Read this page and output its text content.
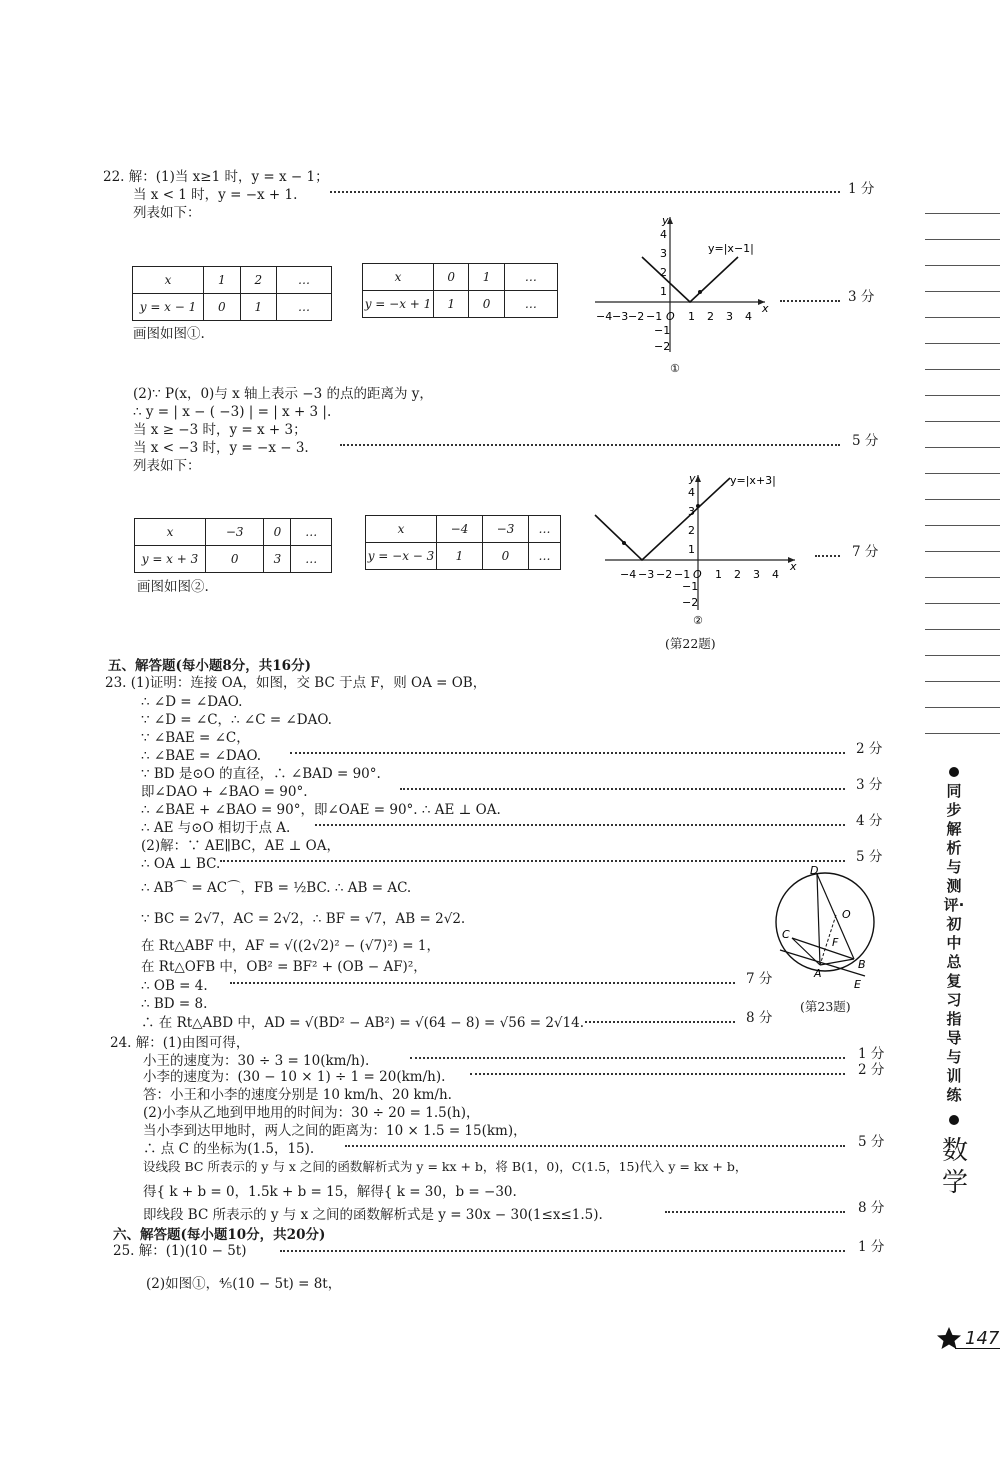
22. 解：(1)当 x≥1 时，y = x − 1；
当 x < 1 时，y = −x + 1.
列表如下：
1 分
x	1	2	…
y = x − 1	0	1	…
x	0	1	…
y = −x + 1	1	0	…
画图如图①.
y
x
−4 −3 −2 −1 O 1 2 3 4
4
3
2
1
−1
−2
y=|x−1|
①
3 分
(2)∵ P(x，0)与 x 轴上表示 −3 的点的距离为 y，
∴ y = | x − ( −3) | = | x + 3 |.
当 x ≥ −3 时，y = x + 3；
当 x < −3 时，y = −x − 3.	5 分
列表如下：
x	−3	0	…
y = x + 3	0	3	…
x	−4	−3	…
y = −x − 3	1	0	…
画图如图②.
y
x
−4 −3 −2 −1 O 1 2 3 4
4
3
2
1
−1
−2
y=|x+3|
②
7 分
(第22题)
五、解答题(每小题8分，共16分)
23. (1)证明：连接 OA，如图，交 BC 于点 F，则 OA = OB，
∴ ∠D = ∠DAO.
∵ ∠D = ∠C，∴ ∠C = ∠DAO.
∵ ∠BAE = ∠C，
∴ ∠BAE = ∠DAO.	2 分
∵ BD 是⊙O 的直径，∴ ∠BAD = 90°.
3 分
即∠DAO + ∠BAO = 90°.
∴ ∠BAE + ∠BAO = 90°，即∠OAE = 90°. ∴ AE ⊥ OA.
∴ AE 与⊙O 相切于点 A.	4 分
(2)解：∵ AE∥BC，AE ⊥ OA，
∴ OA ⊥ BC.	5 分
∴ AB⌒ = AC⌒，FB = ½BC. ∴ AB = AC.
∵ BC = 2√7，AC = 2√2，∴ BF = √7，AB = 2√2.
在 Rt△ABF 中，AF = √((2√2)² − (√7)²) = 1，
在 Rt△OFB 中，OB² = BF² + (OB − AF)²，
∴ OB = 4.	7 分
∴ BD = 8.
∴ 在 Rt△ABD 中，AD = √(BD² − AB²) = √(64 − 8) = √56 = 2√14.	8 分
D
O
C
F
A
B
E
(第23题)
24. 解：(1)由图可得，
小王的速度为：30 ÷ 3 = 10(km/h).	1 分
小李的速度为：(30 − 10 × 1) ÷ 1 = 20(km/h).	2 分
答：小王和小李的速度分别是 10 km/h、20 km/h.
(2)小李从乙地到甲地用的时间为：30 ÷ 20 = 1.5(h)，
当小李到达甲地时，两人之间的距离为：10 × 1.5 = 15(km)，
∴ 点 C 的坐标为(1.5，15).	5 分
设线段 BC 所表示的 y 与 x 之间的函数解析式为 y = kx + b，将 B(1，0)，C(1.5，15)代入 y = kx + b，
得{ k + b = 0，1.5k + b = 15，解得{ k = 30，b = −30.
即线段 BC 所表示的 y 与 x 之间的函数解析式是 y = 30x − 30(1≤x≤1.5).	8 分
六、解答题(每小题10分，共20分)
25. 解：(1)(10 − 5t)	1 分
(2)如图①，⁴⁄₅(10 − 5t) = 8t，
同步解析与测评·初中总复习指导与训练
数学
147
